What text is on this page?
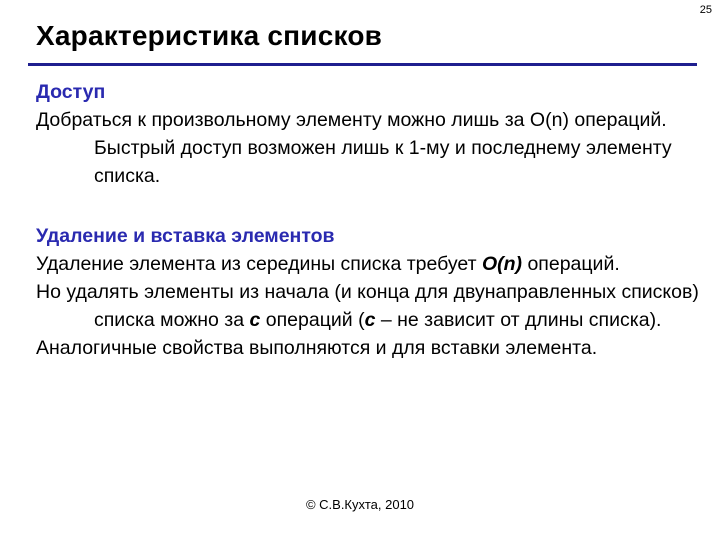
25
Характеристика списков
Доступ
Добраться к произвольному элементу можно лишь за O(n) операций. Быстрый доступ возможен лишь к 1-му и последнему элементу списка.
Удаление и вставка элементов
Удаление элемента из середины списка требует O(n) операций.
Но удалять элементы из начала (и конца для двунаправленных списков) списка можно за c операций (c – не зависит от длины списка).
Аналогичные свойства выполняются и для вставки элемента.
© С.В.Кухта, 2010
